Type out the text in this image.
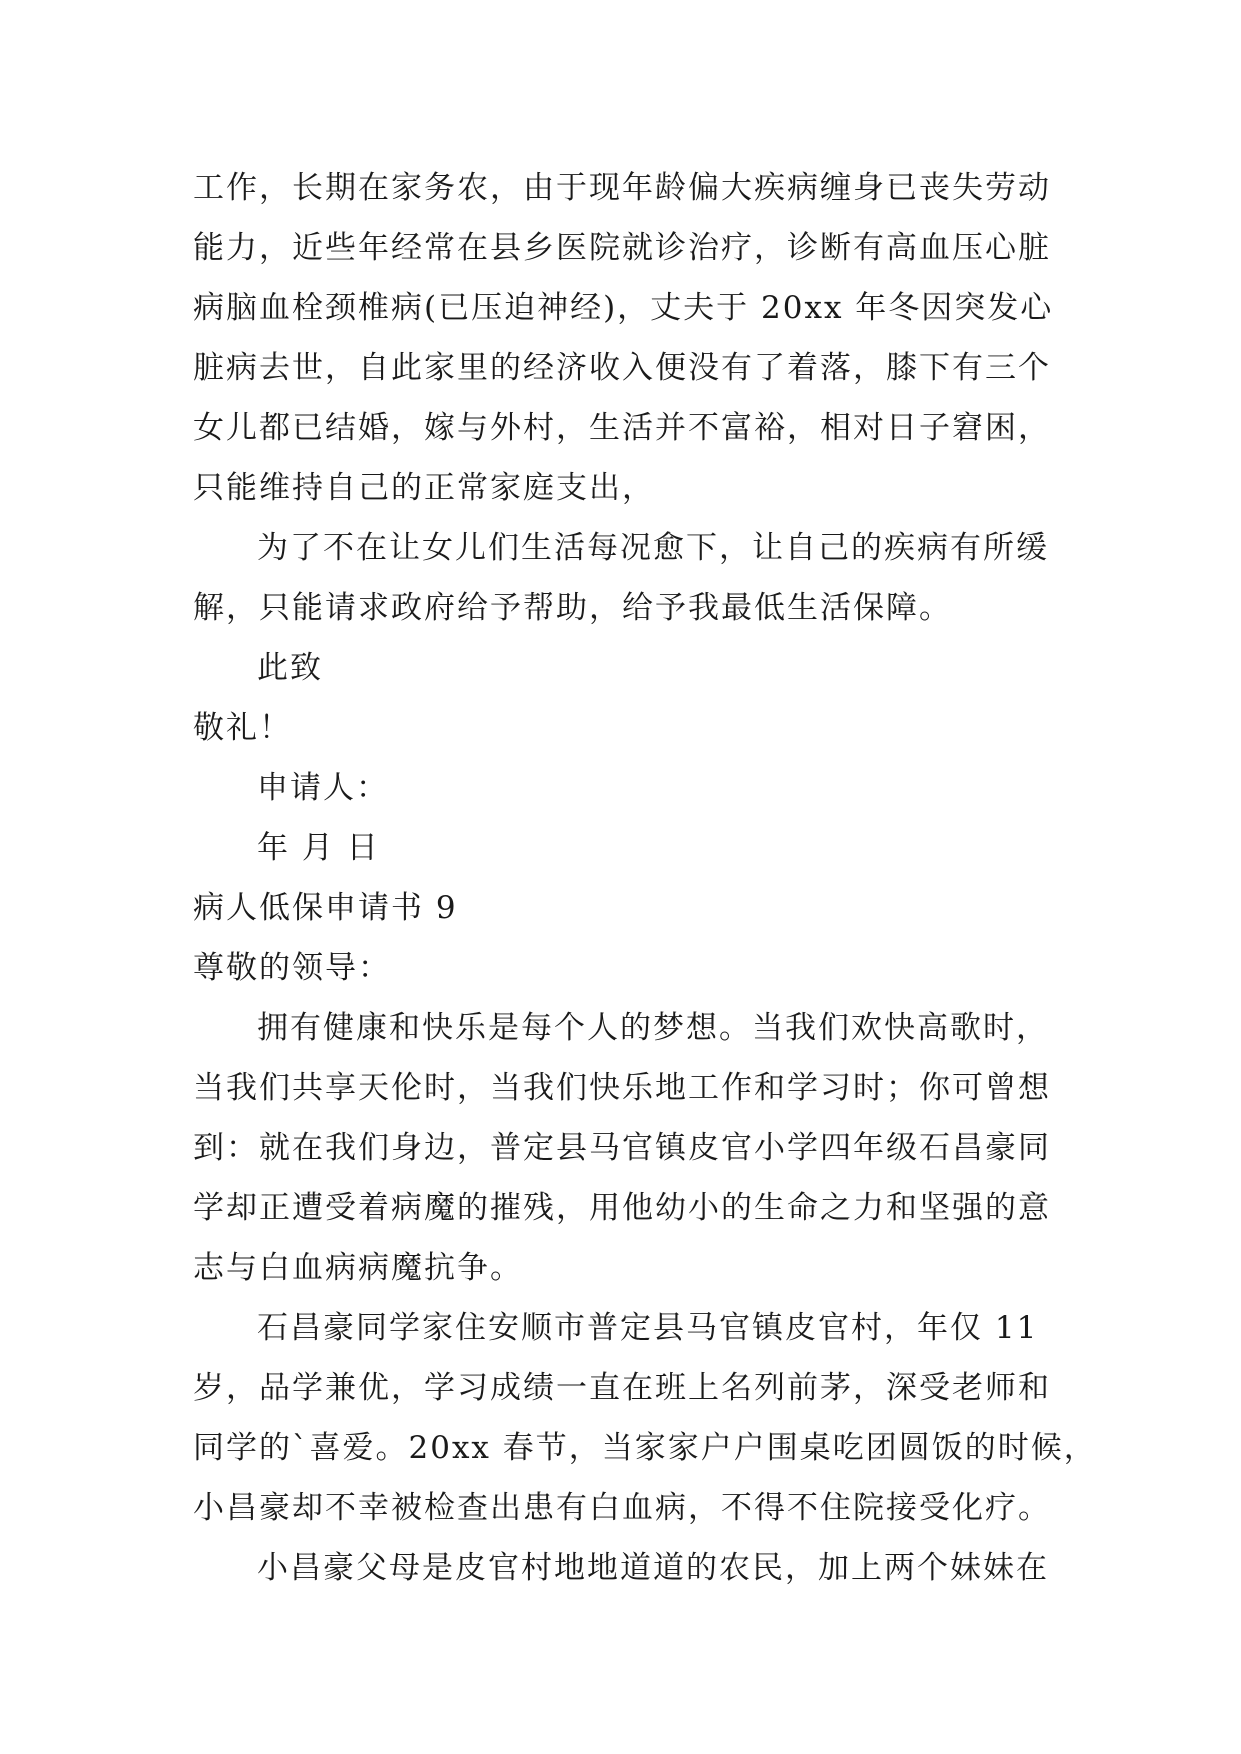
工作，长期在家务农，由于现年龄偏大疾病缠身已丧失劳动
能力，近些年经常在县乡医院就诊治疗，诊断有高血压心脏
病脑血栓颈椎病(已压迫神经)，丈夫于 20xx 年冬因突发心
脏病去世，自此家里的经济收入便没有了着落，膝下有三个
女儿都已结婚，嫁与外村，生活并不富裕，相对日子窘困，
只能维持自己的正常家庭支出，
为了不在让女儿们生活每况愈下，让自己的疾病有所缓
解，只能请求政府给予帮助，给予我最低生活保障。
此致
敬礼！
申请人：
年 月 日
病人低保申请书 9
尊敬的领导：
拥有健康和快乐是每个人的梦想。当我们欢快高歌时，
当我们共享天伦时，当我们快乐地工作和学习时；你可曾想
到：就在我们身边，普定县马官镇皮官小学四年级石昌豪同
学却正遭受着病魔的摧残，用他幼小的生命之力和坚强的意
志与白血病病魔抗争。
石昌豪同学家住安顺市普定县马官镇皮官村，年仅 11
岁，品学兼优，学习成绩一直在班上名列前茅，深受老师和
同学的`喜爱。20xx 春节，当家家户户围桌吃团圆饭的时候，
小昌豪却不幸被检查出患有白血病，不得不住院接受化疗。
小昌豪父母是皮官村地地道道的农民，加上两个妹妹在
